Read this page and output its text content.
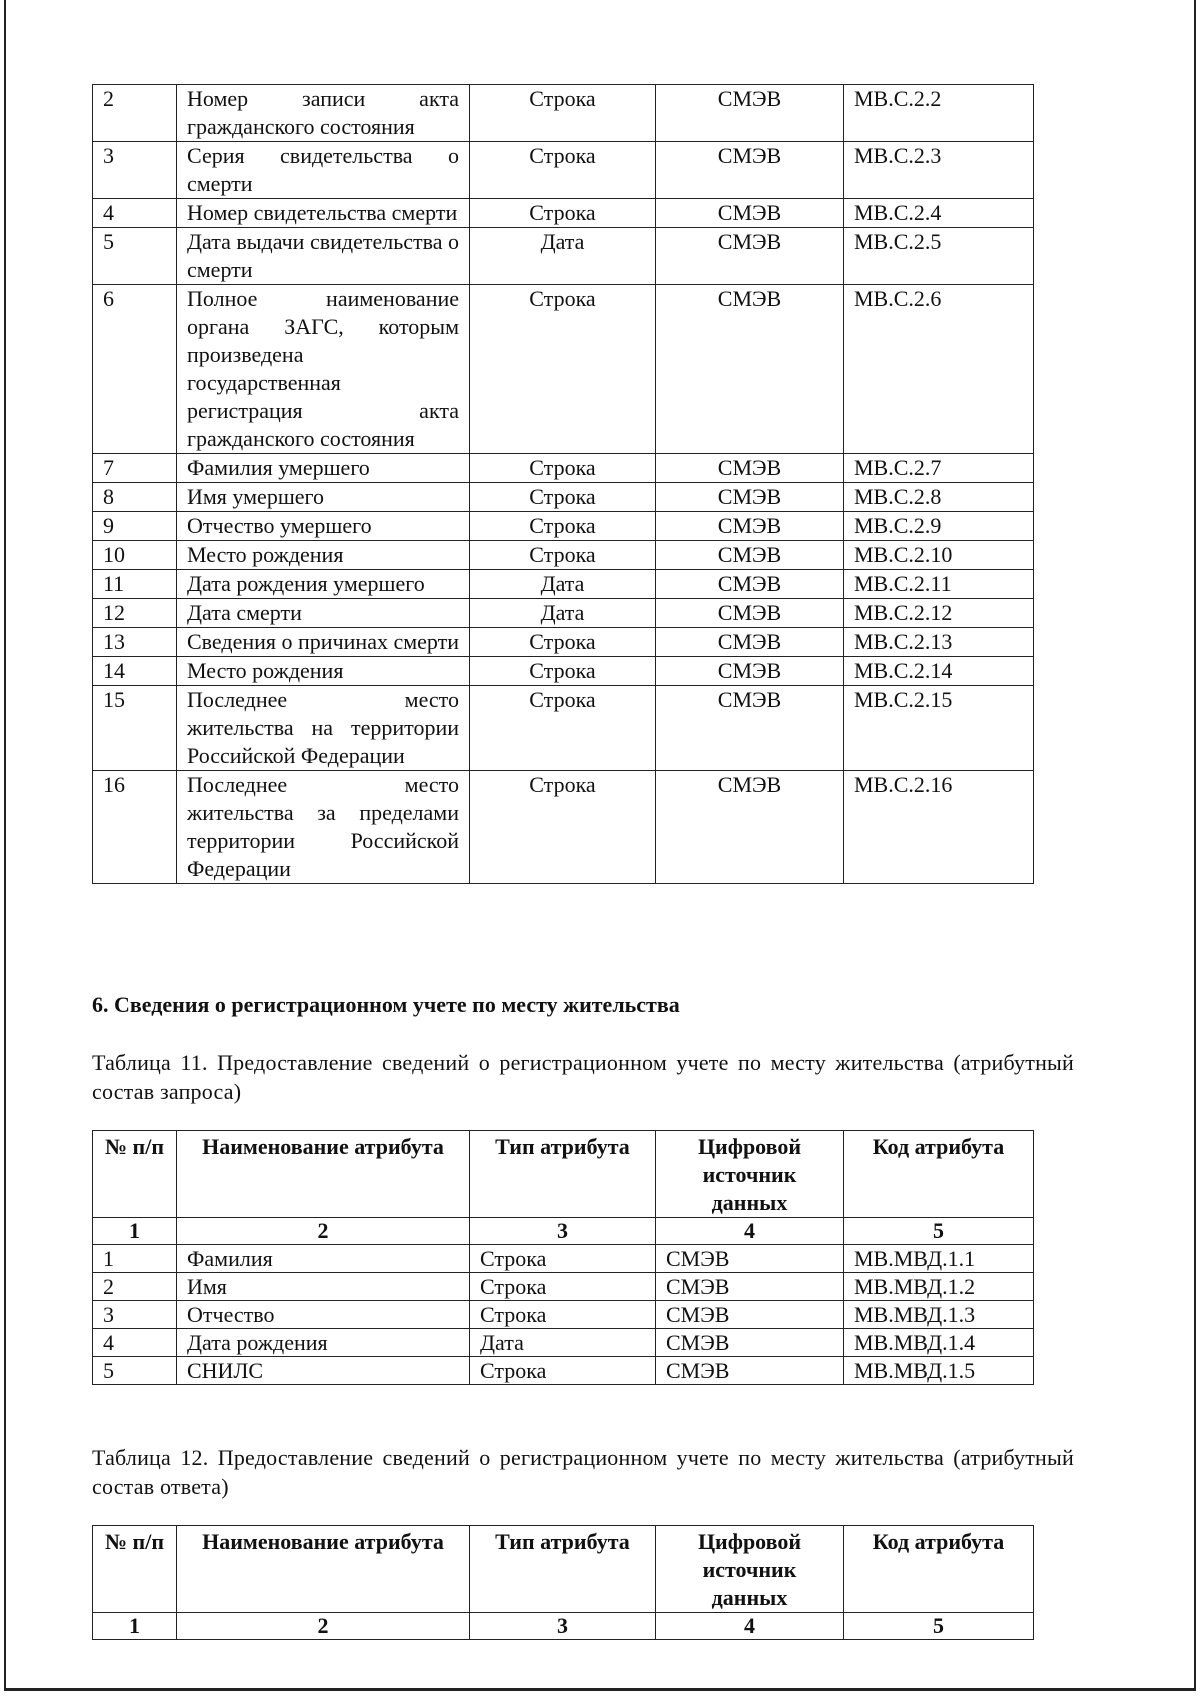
2	Номер записи акта гражданского состояния	Строка	СМЭВ	МВ.С.2.2
3	Серия свидетельства о смерти	Строка	СМЭВ	МВ.С.2.3
4	Номер свидетельства смерти	Строка	СМЭВ	МВ.С.2.4
5	Дата выдачи свидетельства о смерти	Дата	СМЭВ	МВ.С.2.5
6	Полное наименование органа ЗАГС, которым произведена государственная регистрация акта гражданского состояния	Строка	СМЭВ	МВ.С.2.6
7	Фамилия умершего	Строка	СМЭВ	МВ.С.2.7
8	Имя умершего	Строка	СМЭВ	МВ.С.2.8
9	Отчество умершего	Строка	СМЭВ	МВ.С.2.9
10	Место рождения	Строка	СМЭВ	МВ.С.2.10
11	Дата рождения умершего	Дата	СМЭВ	МВ.С.2.11
12	Дата смерти	Дата	СМЭВ	МВ.С.2.12
13	Сведения о причинах смерти	Строка	СМЭВ	МВ.С.2.13
14	Место рождения	Строка	СМЭВ	МВ.С.2.14
15	Последнее место жительства на территории Российской Федерации	Строка	СМЭВ	МВ.С.2.15
16	Последнее место жительства за пределами территории Российской Федерации	Строка	СМЭВ	МВ.С.2.16
6. Сведения о регистрационном учете по месту жительства
Таблица 11. Предоставление сведений о регистрационном учете по месту жительства (атрибутный состав запроса)
№ п/п	Наименование атрибута	Тип атрибута	Цифровой источник данных	Код атрибута
1	2	3	4	5
1	Фамилия	Строка	СМЭВ	МВ.МВД.1.1
2	Имя	Строка	СМЭВ	МВ.МВД.1.2
3	Отчество	Строка	СМЭВ	МВ.МВД.1.3
4	Дата рождения	Дата	СМЭВ	МВ.МВД.1.4
5	СНИЛС	Строка	СМЭВ	МВ.МВД.1.5
Таблица 12. Предоставление сведений о регистрационном учете по месту жительства (атрибутный состав ответа)
№ п/п	Наименование атрибута	Тип атрибута	Цифровой источник данных	Код атрибута
1	2	3	4	5
